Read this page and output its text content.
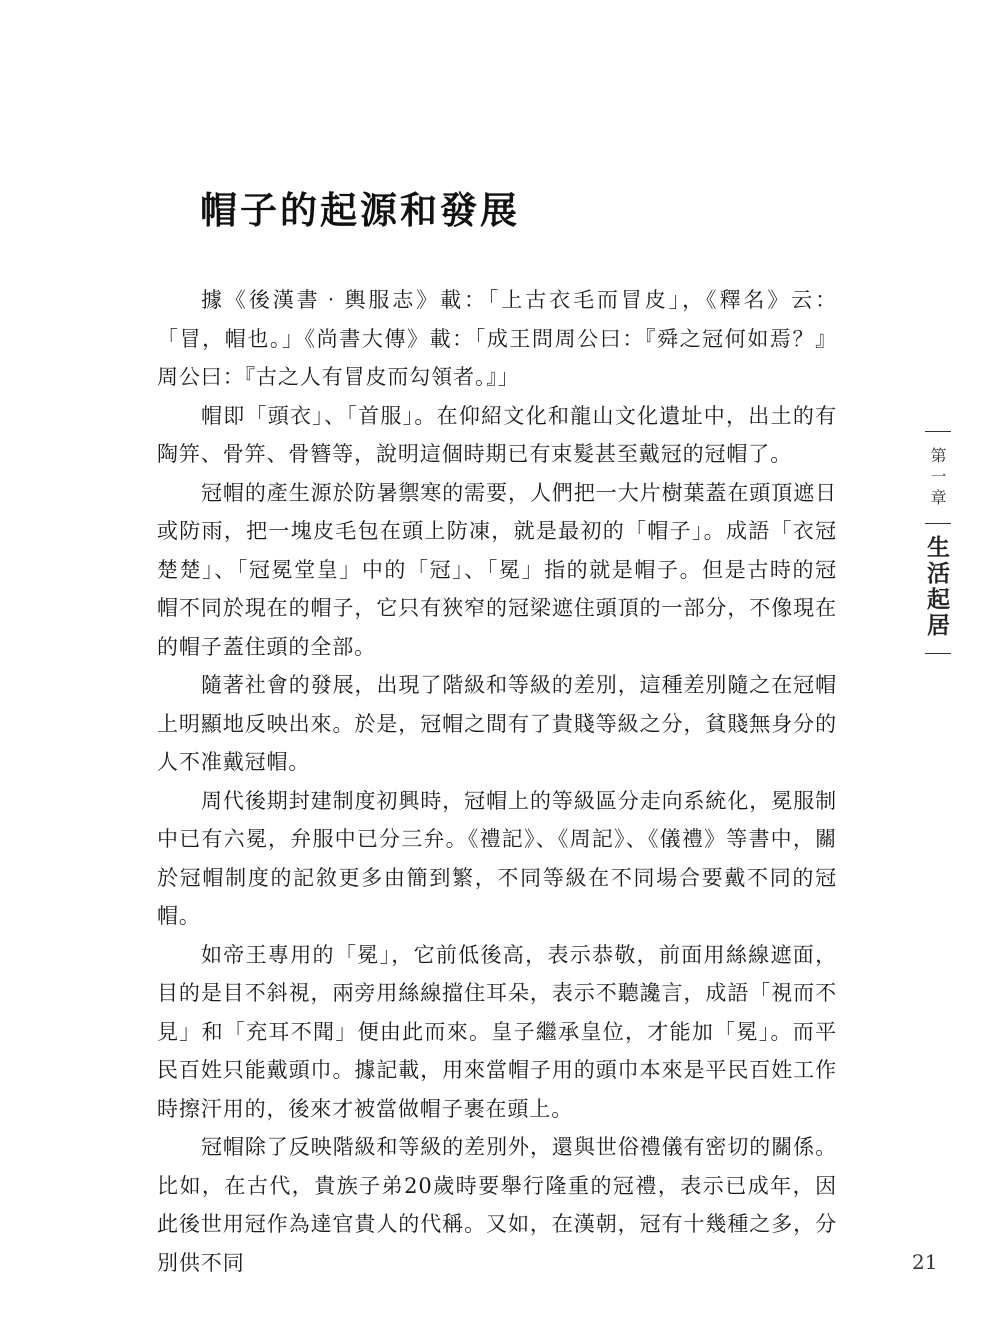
帽子的起源和發展

據《後漢書‧輿服志》載：「上古衣毛而冒皮」，《釋名》云：「冒，帽也。」《尚書大傳》載：「成王問周公曰：『舜之冠何如焉？』周公曰：『古之人有冒皮而勾領者。』」

帽即「頭衣」、「首服」。在仰紹文化和龍山文化遺址中，出土的有陶笄、骨笄、骨簪等，說明這個時期已有束髮甚至戴冠的冠帽了。

冠帽的產生源於防暑禦寒的需要，人們把一大片樹葉蓋在頭頂遮日或防雨，把一塊皮毛包在頭上防凍，就是最初的「帽子」。成語「衣冠楚楚」、「冠冕堂皇」中的「冠」、「冕」指的就是帽子。但是古時的冠帽不同於現在的帽子，它只有狹窄的冠梁遮住頭頂的一部分，不像現在的帽子蓋住頭的全部。

隨著社會的發展，出現了階級和等級的差別，這種差別隨之在冠帽上明顯地反映出來。於是，冠帽之間有了貴賤等級之分，貧賤無身分的人不准戴冠帽。

周代後期封建制度初興時，冠帽上的等級區分走向系統化，冕服制中已有六冕，弁服中已分三弁。《禮記》、《周記》、《儀禮》等書中，關於冠帽制度的記敘更多由簡到繁，不同等級在不同場合要戴不同的冠帽。

如帝王專用的「冕」，它前低後高，表示恭敬，前面用絲線遮面，目的是目不斜視，兩旁用絲線擋住耳朵，表示不聽讒言，成語「視而不見」和「充耳不聞」便由此而來。皇子繼承皇位，才能加「冕」。而平民百姓只能戴頭巾。據記載，用來當帽子用的頭巾本來是平民百姓工作時擦汗用的，後來才被當做帽子裹在頭上。

冠帽除了反映階級和等級的差別外，還與世俗禮儀有密切的關係。比如，在古代，貴族子弟20歲時要舉行隆重的冠禮，表示已成年，因此後世用冠作為達官貴人的代稱。又如，在漢朝，冠有十幾種之多，分別供不同

第一章
生活起居
21
